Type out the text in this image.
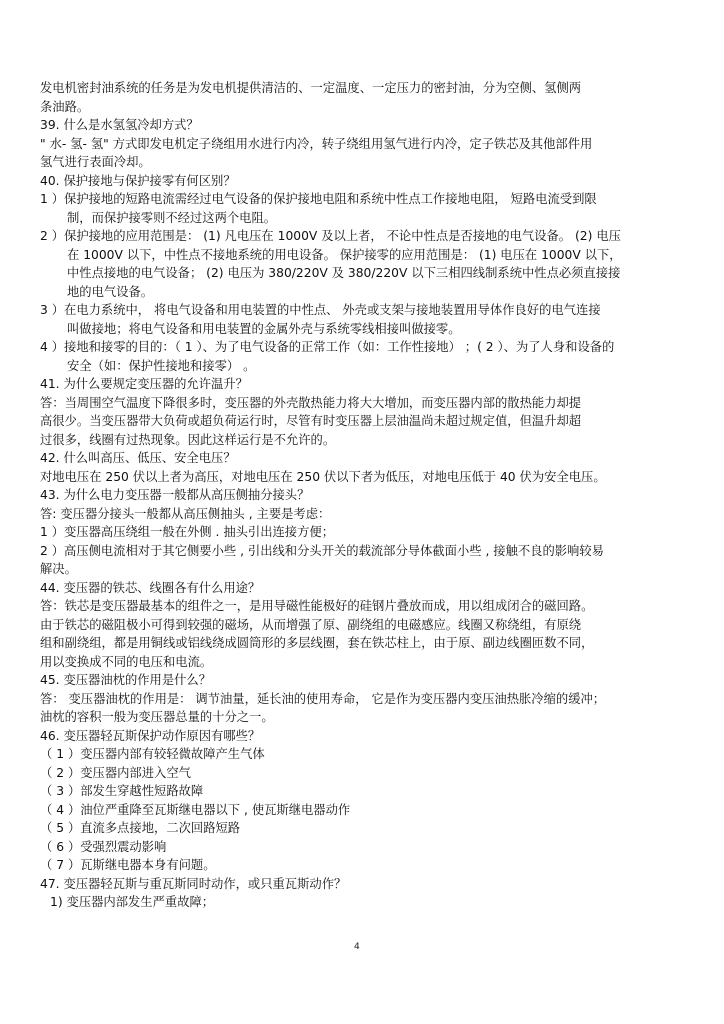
发电机密封油系统的任务是为发电机提供清洁的、一定温度、一定压力的密封油，分为空侧、氢侧两
条油路。
39. 什么是水氢氢冷却方式？
" 水- 氢- 氢" 方式即发电机定子绕组用水进行内冷，转子绕组用氢气进行内冷，定子铁芯及其他部件用
氢气进行表面冷却。
40. 保护接地与保护接零有何区别？
1 ）保护接地的短路电流需经过电气设备的保护接地电阻和系统中性点工作接地电阻， 短路电流受到限
制，而保护接零则不经过这两个电阻。
2 ）保护接地的应用范围是： (1) 凡电压在 1000V 及以上者， 不论中性点是否接地的电气设备。 (2) 电压
在 1000V 以下，中性点不接地系统的用电设备。 保护接零的应用范围是： (1) 电压在 1000V 以下，
中性点接地的电气设备； (2) 电压为 380/220V 及 380/220V 以下三相四线制系统中性点必须直接接
地的电气设备。
3 ）在电力系统中， 将电气设备和用电装置的中性点、 外壳或支架与接地装置用导体作良好的电气连接
叫做接地；将电气设备和用电装置的金属外壳与系统零线相接叫做接零。
4 ）接地和接零的目的：（ 1 ）、为了电气设备的正常工作（如：工作性接地） ；( 2 ）、为了人身和设备的
安全（如：保护性接地和接零） 。
41. 为什么要规定变压器的允许温升？
答：当周围空气温度下降很多时，变压器的外壳散热能力将大大增加，而变压器内部的散热能力却提
高很少。当变压器带大负荷或超负荷运行时，尽管有时变压器上层油温尚未超过规定值，但温升却超
过很多，线圈有过热现象。因此这样运行是不允许的。
42. 什么叫高压、低压、安全电压？
对地电压在 250 伏以上者为高压，对地电压在 250 伏以下者为低压，对地电压低于 40 伏为安全电压。
43. 为什么电力变压器一般都从高压侧抽分接头？
答: 变压器分接头一般都从高压侧抽头 , 主要是考虑：
1 ）变压器高压绕组一般在外侧 . 抽头引出连接方便；
2 ）高压侧电流相对于其它侧要小些 , 引出线和分头开关的载流部分导体截面小些 , 接触不良的影响较易
解决。
44. 变压器的铁芯、线圈各有什么用途？
答：铁芯是变压器最基本的组件之一，是用导磁性能极好的硅钢片叠放而成，用以组成闭合的磁回路。
由于铁芯的磁阻极小可得到较强的磁场，从而增强了原、副绕组的电磁感应。线圈又称绕组，有原绕
组和副绕组，都是用铜线或铝线绕成圆筒形的多层线圈，套在铁芯柱上，由于原、副边线圈匝数不同，
用以变换成不同的电压和电流。
45. 变压器油枕的作用是什么？
答： 变压器油枕的作用是： 调节油量，延长油的使用寿命， 它是作为变压器内变压油热胀冷缩的缓冲；
油枕的容积一般为变压器总量的十分之一。
46. 变压器轻瓦斯保护动作原因有哪些？
（ 1 ）变压器内部有较轻微故障产生气体
（ 2 ）变压器内部进入空气
（ 3 ）部发生穿越性短路故障
（ 4 ）油位严重降至瓦斯继电器以下 , 使瓦斯继电器动作
（ 5 ）直流多点接地，二次回路短路
（ 6 ）受强烈震动影响
（ 7 ）瓦斯继电器本身有问题。
47. 变压器轻瓦斯与重瓦斯同时动作，或只重瓦斯动作？
1) 变压器内部发生严重故障；
4
